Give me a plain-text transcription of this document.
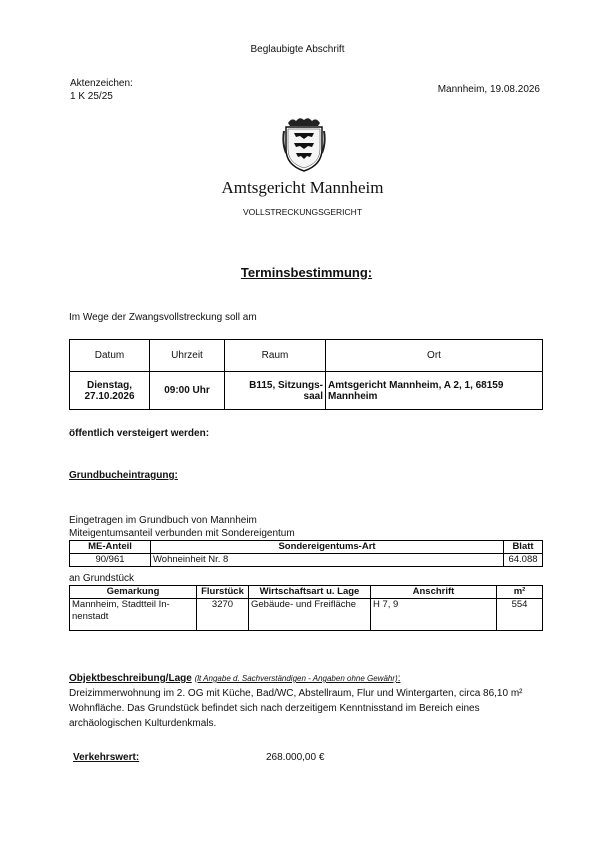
Beglaubigte Abschrift
Aktenzeichen:
1 K 25/25
Mannheim, 19.08.2026
Amtsgericht Mannheim
VOLLSTRECKUNGSGERICHT
Terminsbestimmung:
Im Wege der Zwangsvollstreckung soll am
Datum	Uhrzeit	Raum	Ort
Dienstag, 27.10.2026	09:00 Uhr	B115, Sitzungs- saal	Amtsgericht Mannheim, A 2, 1, 68159 Mannheim
öffentlich versteigert werden:
Grundbucheintragung:
Eingetragen im Grundbuch von Mannheim
Miteigentumsanteil verbunden mit Sondereigentum
ME-Anteil	Sondereigentums-Art	Blatt
90/961	Wohneinheit Nr. 8	64.088
an Grundstück
Gemarkung	Flurstück	Wirtschaftsart u. Lage	Anschrift	m²
Mannheim, Stadtteil In- nenstadt	3270	Gebäude- und Freifläche	H 7, 9	554
Objektbeschreibung/Lage (lt Angabe d. Sachverständigen - Angaben ohne Gewähr):
Dreizimmerwohnung im 2. OG mit Küche, Bad/WC, Abstellraum, Flur und Wintergarten, circa 86,10 m² Wohnfläche. Das Grundstück befindet sich nach derzeitigem Kenntnisstand im Bereich eines archäologischen Kulturdenkmals.
Verkehrswert:	268.000,00 €
